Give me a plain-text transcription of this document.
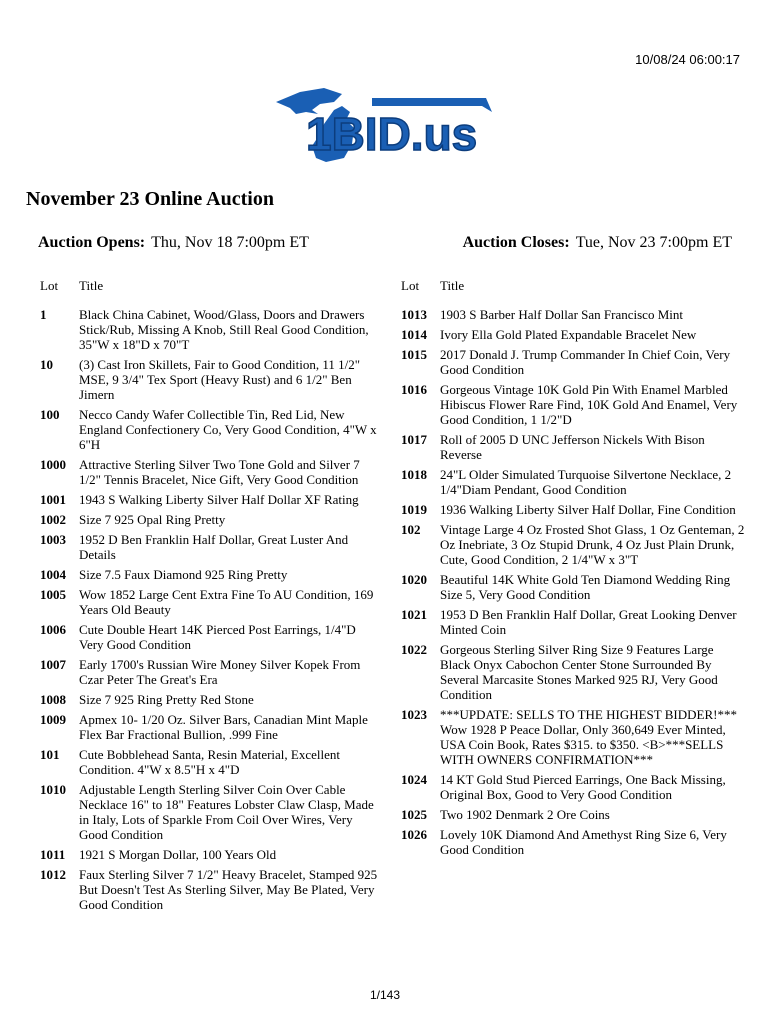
10/08/24 06:00:17
1BID.us
November 23 Online Auction
Auction Opens: Thu, Nov 18 7:00pm ET	Auction Closes: Tue, Nov 23 7:00pm ET
Lot	Title
1	Black China Cabinet, Wood/Glass, Doors and Drawers Stick/Rub, Missing A Knob, Still Real Good Condition, 35"W x 18"D x 70"T
10	(3) Cast Iron Skillets, Fair to Good Condition, 11 1/2" MSE, 9 3/4" Tex Sport (Heavy Rust) and 6 1/2" Ben Jimern
100	Necco Candy Wafer Collectible Tin, Red Lid, New England Confectionery Co, Very Good Condition, 4"W x 6"H
1000	Attractive Sterling Silver Two Tone Gold and Silver 7 1/2" Tennis Bracelet, Nice Gift, Very Good Condition
1001	1943 S Walking Liberty Silver Half Dollar XF Rating
1002	Size 7 925 Opal Ring Pretty
1003	1952 D Ben Franklin Half Dollar, Great Luster And Details
1004	Size 7.5 Faux Diamond 925 Ring Pretty
1005	Wow 1852 Large Cent Extra Fine To AU Condition, 169 Years Old Beauty
1006	Cute Double Heart 14K Pierced Post Earrings, 1/4"D Very Good Condition
1007	Early 1700's Russian Wire Money Silver Kopek From Czar Peter The Great's Era
1008	Size 7 925 Ring Pretty Red Stone
1009	Apmex 10- 1/20 Oz. Silver Bars, Canadian Mint Maple Flex Bar Fractional Bullion, .999 Fine
101	Cute Bobblehead Santa, Resin Material, Excellent Condition. 4"W x 8.5"H x 4"D
1010	Adjustable Length Sterling Silver Coin Over Cable Necklace 16" to 18" Features Lobster Claw Clasp, Made in Italy, Lots of Sparkle From Coil Over Wires, Very Good Condition
1011	1921 S Morgan Dollar, 100 Years Old
1012	Faux Sterling Silver 7 1/2" Heavy Bracelet, Stamped 925 But Doesn't Test As Sterling Silver, May Be Plated, Very Good Condition
Lot	Title
1013	1903 S Barber Half Dollar San Francisco Mint
1014	Ivory Ella Gold Plated Expandable Bracelet New
1015	2017 Donald J. Trump Commander In Chief Coin, Very Good Condition
1016	Gorgeous Vintage 10K Gold Pin With Enamel Marbled Hibiscus Flower Rare Find, 10K Gold And Enamel, Very Good Condition, 1 1/2"D
1017	Roll of 2005 D UNC Jefferson Nickels With Bison Reverse
1018	24"L Older Simulated Turquoise Silvertone Necklace, 2 1/4"Diam Pendant, Good Condition
1019	1936 Walking Liberty Silver Half Dollar, Fine Condition
102	Vintage Large 4 Oz Frosted Shot Glass, 1 Oz Genteman, 2 Oz Inebriate, 3 Oz Stupid Drunk, 4 Oz Just Plain Drunk, Cute, Good Condition, 2 1/4"W x 3"T
1020	Beautiful 14K White Gold Ten Diamond Wedding Ring Size 5, Very Good Condition
1021	1953 D Ben Franklin Half Dollar, Great Looking Denver Minted Coin
1022	Gorgeous Sterling Silver Ring Size 9 Features Large Black Onyx Cabochon Center Stone Surrounded By Several Marcasite Stones Marked 925 RJ, Very Good Condition
1023	***UPDATE: SELLS TO THE HIGHEST BIDDER!*** Wow 1928 P Peace Dollar, Only 360,649 Ever Minted, USA Coin Book, Rates $315. to $350. <B>***SELLS WITH OWNERS CONFIRMATION***
1024	14 KT Gold Stud Pierced Earrings, One Back Missing, Original Box, Good to Very Good Condition
1025	Two 1902 Denmark 2 Ore Coins
1026	Lovely 10K Diamond And Amethyst Ring Size 6, Very Good Condition
1/143
